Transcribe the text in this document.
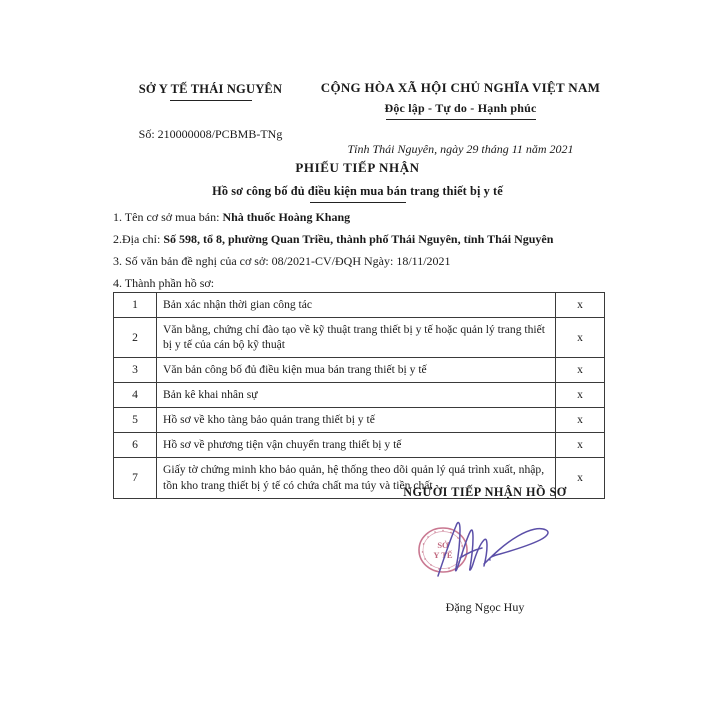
SỞ Y TẾ THÁI NGUYÊN
Số: 210000008/PCBMB-TNg
CỘNG HÒA XÃ HỘI CHỦ NGHĨA VIỆT NAM
Độc lập - Tự do - Hạnh phúc
Tỉnh Thái Nguyên, ngày 29 tháng 11 năm 2021
PHIẾU TIẾP NHẬN
Hồ sơ công bố đủ điều kiện mua bán trang thiết bị y tế
1. Tên cơ sở mua bán: Nhà thuốc Hoàng Khang
2.Địa chỉ: Số 598, tổ 8, phường Quan Triều, thành phố Thái Nguyên, tỉnh Thái Nguyên
3. Số văn bản đề nghị của cơ sở: 08/2021-CV/ĐQH Ngày: 18/11/2021
4. Thành phần hồ sơ:
1	Bản xác nhận thời gian công tác	x
2	Văn bằng, chứng chỉ đào tạo về kỹ thuật trang thiết bị y tế hoặc quản lý trang thiết bị y tế của cán bộ kỹ thuật	x
3	Văn bản công bố đủ điều kiện mua bán trang thiết bị y tế	x
4	Bản kê khai nhân sự	x
5	Hồ sơ về kho tàng bảo quản trang thiết bị y tế	x
6	Hồ sơ về phương tiện vận chuyển trang thiết bị y tế	x
7	Giấy tờ chứng minh kho bảo quản, hệ thống theo dõi quản lý quá trình xuất, nhập, tồn kho trang thiết bị ý tế có chứa chất ma túy và tiền chất	x
NGƯỜI TIẾP NHẬN HỒ SƠ
SỞ
Y TẾ
Đặng Ngọc Huy
